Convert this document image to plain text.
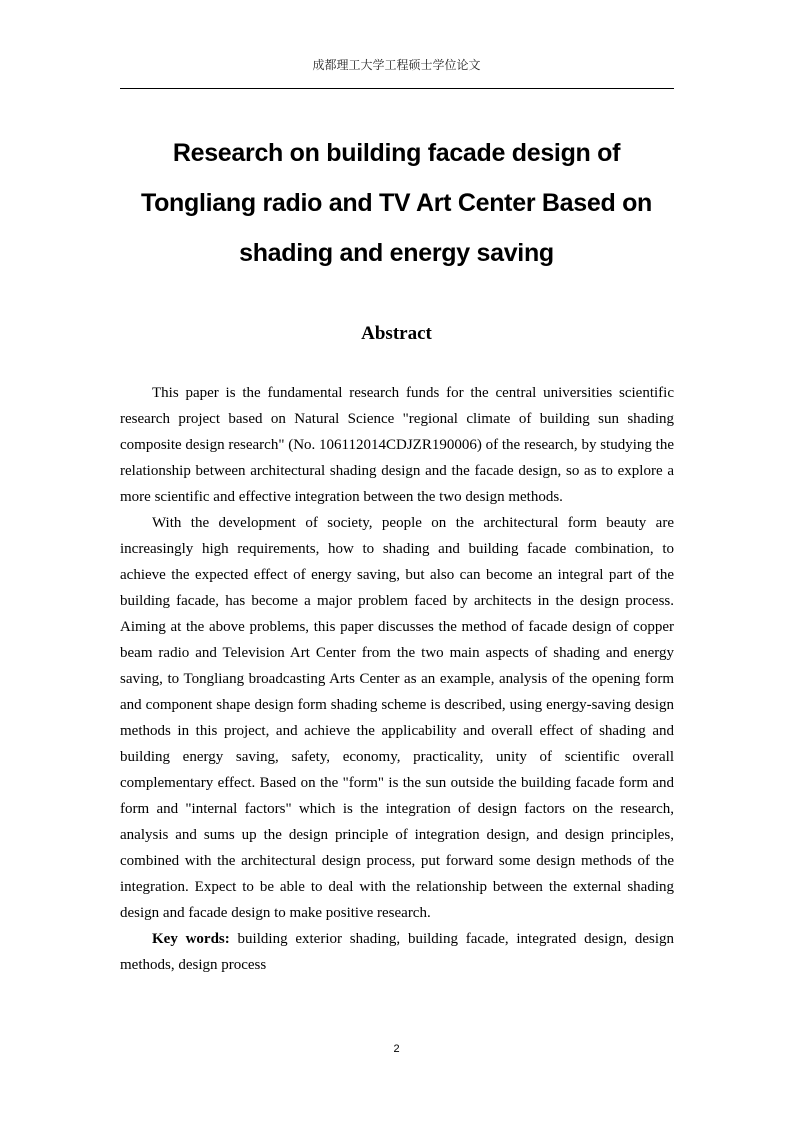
成都理工大学工程硕士学位论文
Research on building facade design of
Tongliang radio and TV Art Center Based on
shading and energy saving
Abstract

This paper is the fundamental research funds for the central universities scientific research project based on Natural Science "regional climate of building sun shading composite design research" (No. 106112014CDJZR190006) of the research, by studying the relationship between architectural shading design and the facade design, so as to explore a more scientific and effective integration between the two design methods.

With the development of society, people on the architectural form beauty are increasingly high requirements, how to shading and building facade combination, to achieve the expected effect of energy saving, but also can become an integral part of the building facade, has become a major problem faced by architects in the design process. Aiming at the above problems, this paper discusses the method of facade design of copper beam radio and Television Art Center from the two main aspects of shading and energy saving, to Tongliang broadcasting Arts Center as an example, analysis of the opening form and component shape design form shading scheme is described, using energy-saving design methods in this project, and achieve the applicability and overall effect of shading and building energy saving, safety, economy, practicality, unity of scientific overall complementary effect. Based on the "form" is the sun outside the building facade form and form and "internal factors" which is the integration of design factors on the research, analysis and sums up the design principle of integration design, and design principles, combined with the architectural design process, put forward some design methods of the integration. Expect to be able to deal with the relationship between the external shading design and facade design to make positive research.

Key words: building exterior shading, building facade, integrated design, design methods, design process

2
